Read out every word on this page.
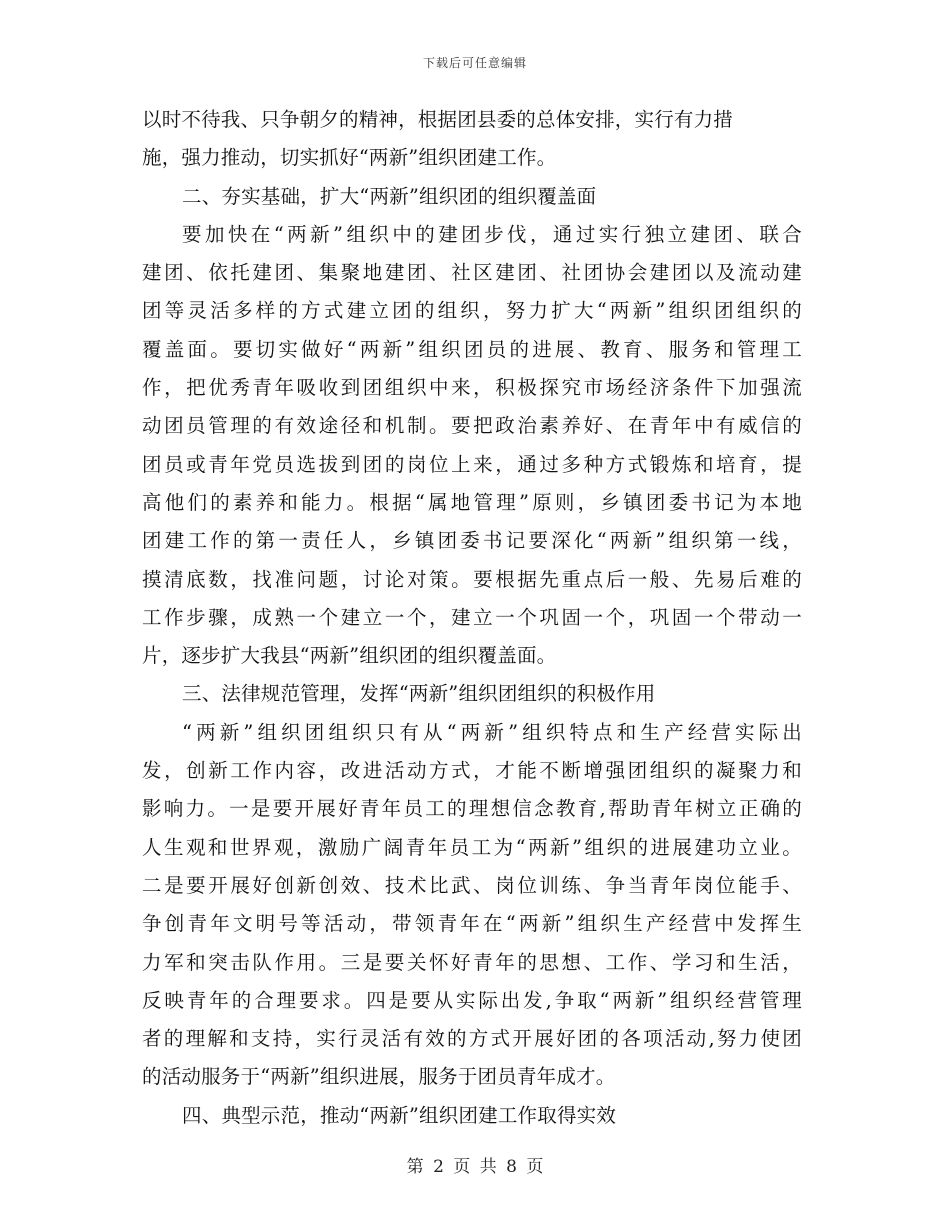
下载后可任意编辑
以时不待我、只争朝夕的精神，根据团县委的总体安排，实行有力措
施，强力推动，切实抓好“两新”组织团建工作。
二、夯实基础，扩大“两新”组织团的组织覆盖面
要加快在“两新”组织中的建团步伐，通过实行独立建团、联合
建团、依托建团、集聚地建团、社区建团、社团协会建团以及流动建
团等灵活多样的方式建立团的组织，努力扩大“两新”组织团组织的
覆盖面。要切实做好“两新”组织团员的进展、教育、服务和管理工
作，把优秀青年吸收到团组织中来，积极探究市场经济条件下加强流
动团员管理的有效途径和机制。要把政治素养好、在青年中有威信的
团员或青年党员选拔到团的岗位上来，通过多种方式锻炼和培育，提
高他们的素养和能力。根据“属地管理”原则，乡镇团委书记为本地
团建工作的第一责任人，乡镇团委书记要深化“两新”组织第一线，
摸清底数，找准问题，讨论对策。要根据先重点后一般、先易后难的
工作步骤，成熟一个建立一个，建立一个巩固一个，巩固一个带动一
片，逐步扩大我县“两新”组织团的组织覆盖面。
三、法律规范管理，发挥“两新”组织团组织的积极作用
“两新”组织团组织只有从“两新”组织特点和生产经营实际出
发，创新工作内容，改进活动方式，才能不断增强团组织的凝聚力和
影响力。一是要开展好青年员工的理想信念教育,帮助青年树立正确的
人生观和世界观，激励广阔青年员工为“两新”组织的进展建功立业。
二是要开展好创新创效、技术比武、岗位训练、争当青年岗位能手、
争创青年文明号等活动，带领青年在“两新”组织生产经营中发挥生
力军和突击队作用。三是要关怀好青年的思想、工作、学习和生活，
反映青年的合理要求。四是要从实际出发,争取“两新”组织经营管理
者的理解和支持，实行灵活有效的方式开展好团的各项活动,努力使团
的活动服务于“两新”组织进展，服务于团员青年成才。
四、典型示范，推动“两新”组织团建工作取得实效
第 2 页 共 8 页
